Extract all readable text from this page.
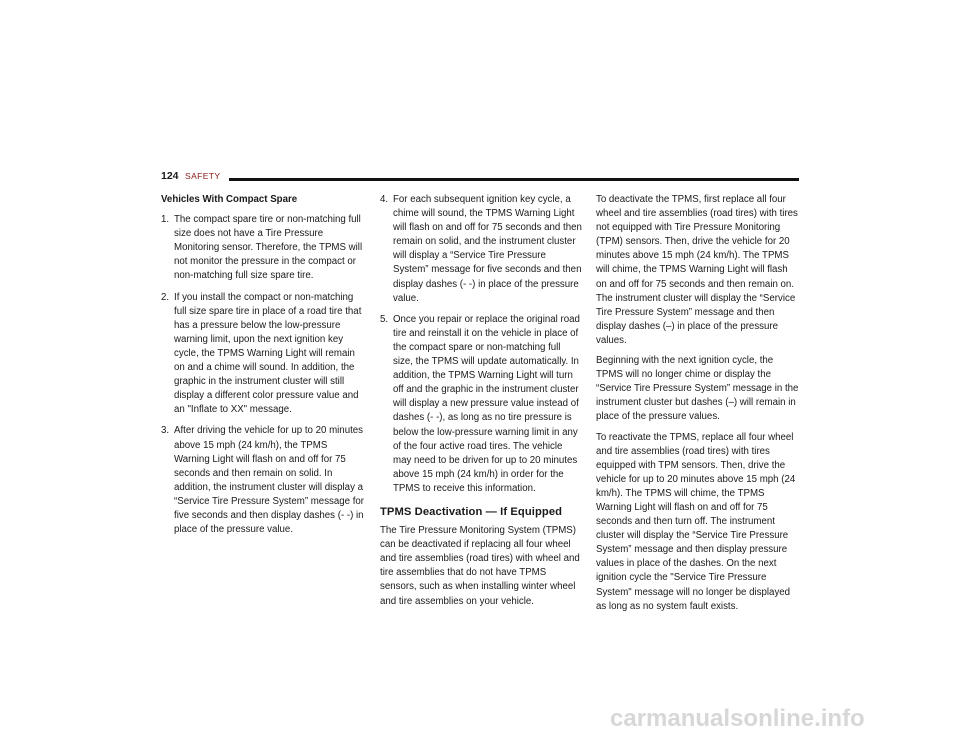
124 SAFETY
Vehicles With Compact Spare
1. The compact spare tire or non-matching full size does not have a Tire Pressure Monitoring sensor. Therefore, the TPMS will not monitor the pressure in the compact or non-matching full size spare tire.
2. If you install the compact or non-matching full size spare tire in place of a road tire that has a pressure below the low-pressure warning limit, upon the next ignition key cycle, the TPMS Warning Light will remain on and a chime will sound. In addition, the graphic in the instrument cluster will still display a different color pressure value and an "Inflate to XX" message.
3. After driving the vehicle for up to 20 minutes above 15 mph (24 km/h), the TPMS Warning Light will flash on and off for 75 seconds and then remain on solid. In addition, the instrument cluster will display a “Service Tire Pressure System” message for five seconds and then display dashes (- -) in place of the pressure value.
4. For each subsequent ignition key cycle, a chime will sound, the TPMS Warning Light will flash on and off for 75 seconds and then remain on solid, and the instrument cluster will display a “Service Tire Pressure System” message for five seconds and then display dashes (- -) in place of the pressure value.
5. Once you repair or replace the original road tire and reinstall it on the vehicle in place of the compact spare or non-matching full size, the TPMS will update automatically. In addition, the TPMS Warning Light will turn off and the graphic in the instrument cluster will display a new pressure value instead of dashes (- -), as long as no tire pressure is below the low-pressure warning limit in any of the four active road tires. The vehicle may need to be driven for up to 20 minutes above 15 mph (24 km/h) in order for the TPMS to receive this information.
TPMS Deactivation — If Equipped

The Tire Pressure Monitoring System (TPMS) can be deactivated if replacing all four wheel and tire assemblies (road tires) with wheel and tire assemblies that do not have TPMS sensors, such as when installing winter wheel and tire assemblies on your vehicle.

To deactivate the TPMS, first replace all four wheel and tire assemblies (road tires) with tires not equipped with Tire Pressure Monitoring (TPM) sensors. Then, drive the vehicle for 20 minutes above 15 mph (24 km/h). The TPMS will chime, the TPMS Warning Light will flash on and off for 75 seconds and then remain on. The instrument cluster will display the “Service Tire Pressure System” message and then display dashes (–) in place of the pressure values.

Beginning with the next ignition cycle, the TPMS will no longer chime or display the “Service Tire Pressure System” message in the instrument cluster but dashes (–) will remain in place of the pressure values.

To reactivate the TPMS, replace all four wheel and tire assemblies (road tires) with tires equipped with TPM sensors. Then, drive the vehicle for up to 20 minutes above 15 mph (24 km/h). The TPMS will chime, the TPMS Warning Light will flash on and off for 75 seconds and then turn off. The instrument cluster will display the “Service Tire Pressure System” message and then display pressure values in place of the dashes. On the next ignition cycle the "Service Tire Pressure System" message will no longer be displayed as long as no system fault exists.

carmanualsonline.info
